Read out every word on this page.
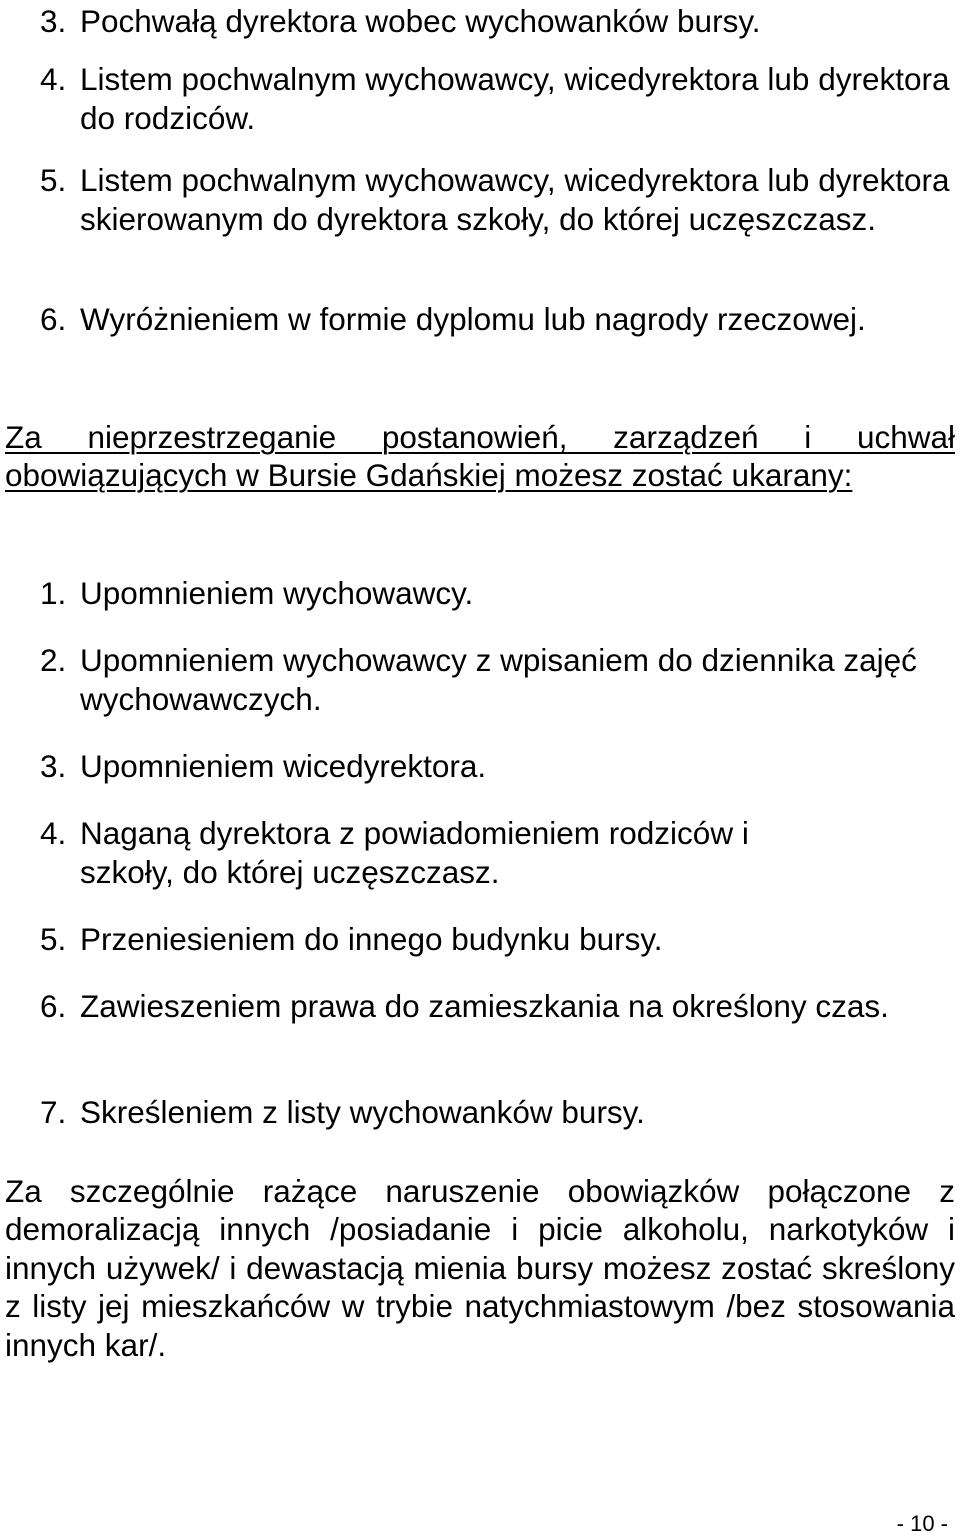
3. Pochwałą dyrektora wobec wychowanków bursy.
4. Listem pochwalnym wychowawcy, wicedyrektora lub dyrektora do rodziców.
5. Listem pochwalnym wychowawcy, wicedyrektora lub dyrektora skierowanym do dyrektora szkoły, do której uczęszczasz.
6. Wyróżnieniem w formie dyplomu lub nagrody rzeczowej.
Za nieprzestrzeganie postanowień, zarządzeń i uchwał obowiązujących w Bursie Gdańskiej możesz zostać ukarany:
1. Upomnieniem wychowawcy.
2. Upomnieniem wychowawcy z wpisaniem do dziennika zajęć wychowawczych.
3. Upomnieniem wicedyrektora.
4. Naganą dyrektora z powiadomieniem rodziców i szkoły, do której uczęszczasz.
5. Przeniesieniem do innego budynku bursy.
6. Zawieszeniem prawa do zamieszkania na określony czas.
7. Skreśleniem z listy wychowanków bursy.
Za szczególnie rażące naruszenie obowiązków połączone z demoralizacją innych /posiadanie i picie alkoholu, narkotyków i innych używek/ i dewastacją mienia bursy możesz zostać skreślony z listy jej mieszkańców w trybie natychmiastowym /bez stosowania innych kar/.
- 10 -
